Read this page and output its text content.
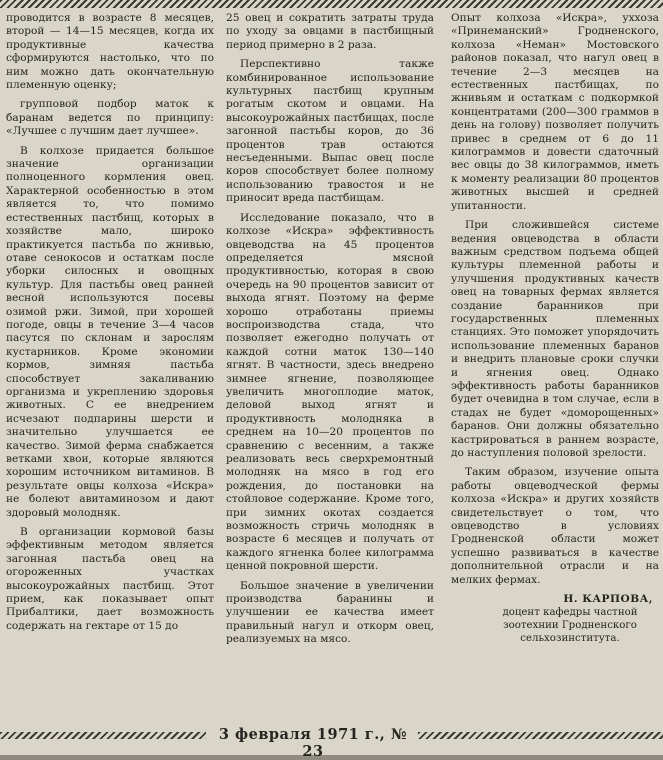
проводится в возрасте 8 месяцев, второй — 14—15 месяцев, когда их продуктивные качества сформируются настолько, что по ним можно дать окончательную племенную оценку;

групповой подбор маток к баранам ведется по принципу: «Лучшее с лучшим дает лучшее».

В колхозе придается большое значение организации полноценного кормления овец. Характерной особенностью в этом является то, что помимо естественных пастбищ, которых в хозяйстве мало, широко практикуется пастьба по жнивью, отаве сенокосов и остаткам после уборки силосных и овощных культур. Для пастьбы овец ранней весной используются посевы озимой ржи. Зимой, при хорошей погоде, овцы в течение 3—4 часов пасутся по склонам и зарослям кустарников. Кроме экономии кормов, зимняя пастьба способствует закаливанию организма и укреплению здоровья животных. С ее внедрением исчезают подпарины шерсти и значительно улучшается ее качество. Зимой ферма снабжается ветками хвои, которые являются хорошим источником витаминов. В результате овцы колхоза «Искра» не болеют авитаминозом и дают здоровый молодняк.

В организации кормовой базы эффективным методом является загонная пастьба овец на огороженных участках высокоурожайных пастбищ. Этот прием, как показывает опыт Прибалтики, дает возможность содержать на гектаре от 15 до

25 овец и сократить затраты труда по уходу за овцами в пастбищный период примерно в 2 раза.

Перспективно также комбинированное использование культурных пастбищ крупным рогатым скотом и овцами. На высокоурожайных пастбищах, после загонной пастьбы коров, до 36 процентов трав остаются несъеденными. Выпас овец после коров способствует более полному использованию травостоя и не приносит вреда пастбищам.

Исследование показало, что в колхозе «Искра» эффективность овцеводства на 45 процентов определяется мясной продуктивностью, которая в свою очередь на 90 процентов зависит от выхода ягнят. Поэтому на ферме хорошо отработаны приемы воспроизводства стада, что позволяет ежегодно получать от каждой сотни маток 130—140 ягнят. В частности, здесь внедрено зимнее ягнение, позволяющее увеличить многоплодие маток, деловой выход ягнят и продуктивность молодняка в среднем на 10—20 процентов по сравнению с весенним, а также реализовать весь сверхремонтный молодняк на мясо в год его рождения, до постановки на стойловое содержание. Кроме того, при зимних окотах создается возможность стричь молодняк в возрасте 6 месяцев и получать от каждого ягненка более килограмма ценной покровной шерсти.

Большое значение в увеличении производства баранины и улучшении ее качества имеет правильный нагул и откорм овец, реализуемых на мясо.

Опыт колхоза «Искра», уххоза «Принеманский» Гродненского, колхоза «Неман» Мостовского районов показал, что нагул овец в течение 2—3 месяцев на естественных пастбищах, по жнивьям и остаткам с подкормкой концентратами (200—300 граммов в день на голову) позволяет получить привес в среднем от 6 до 11 килограммов и довести сдаточный вес овцы до 38 килограммов, иметь к моменту реализации 80 процентов животных высшей и средней упитанности.

При сложившейся системе ведения овцеводства в области важным средством подъема общей культуры племенной работы и улучшения продуктивных качеств овец на товарных фермах является создание баранников при государственных племенных станциях. Это поможет упорядочить использование племенных баранов и внедрить плановые сроки случки и ягнения овец. Однако эффективность работы баранников будет очевидна в том случае, если в стадах не будет «доморощенных» баранов. Они должны обязательно кастрироваться в раннем возрасте, до наступления половой зрелости.

Таким образом, изучение опыта работы овцеводческой фермы колхоза «Искра» и других хозяйств свидетельствует о том, что овцеводство в условиях Гродненской области может успешно развиваться в качестве дополнительной отрасли и на мелких фермах.

Н. КАРПОВА,
доцент кафедры частной зоотехнии Гродненского сельхозинститута.
3 февраля 1971 г., № 23
